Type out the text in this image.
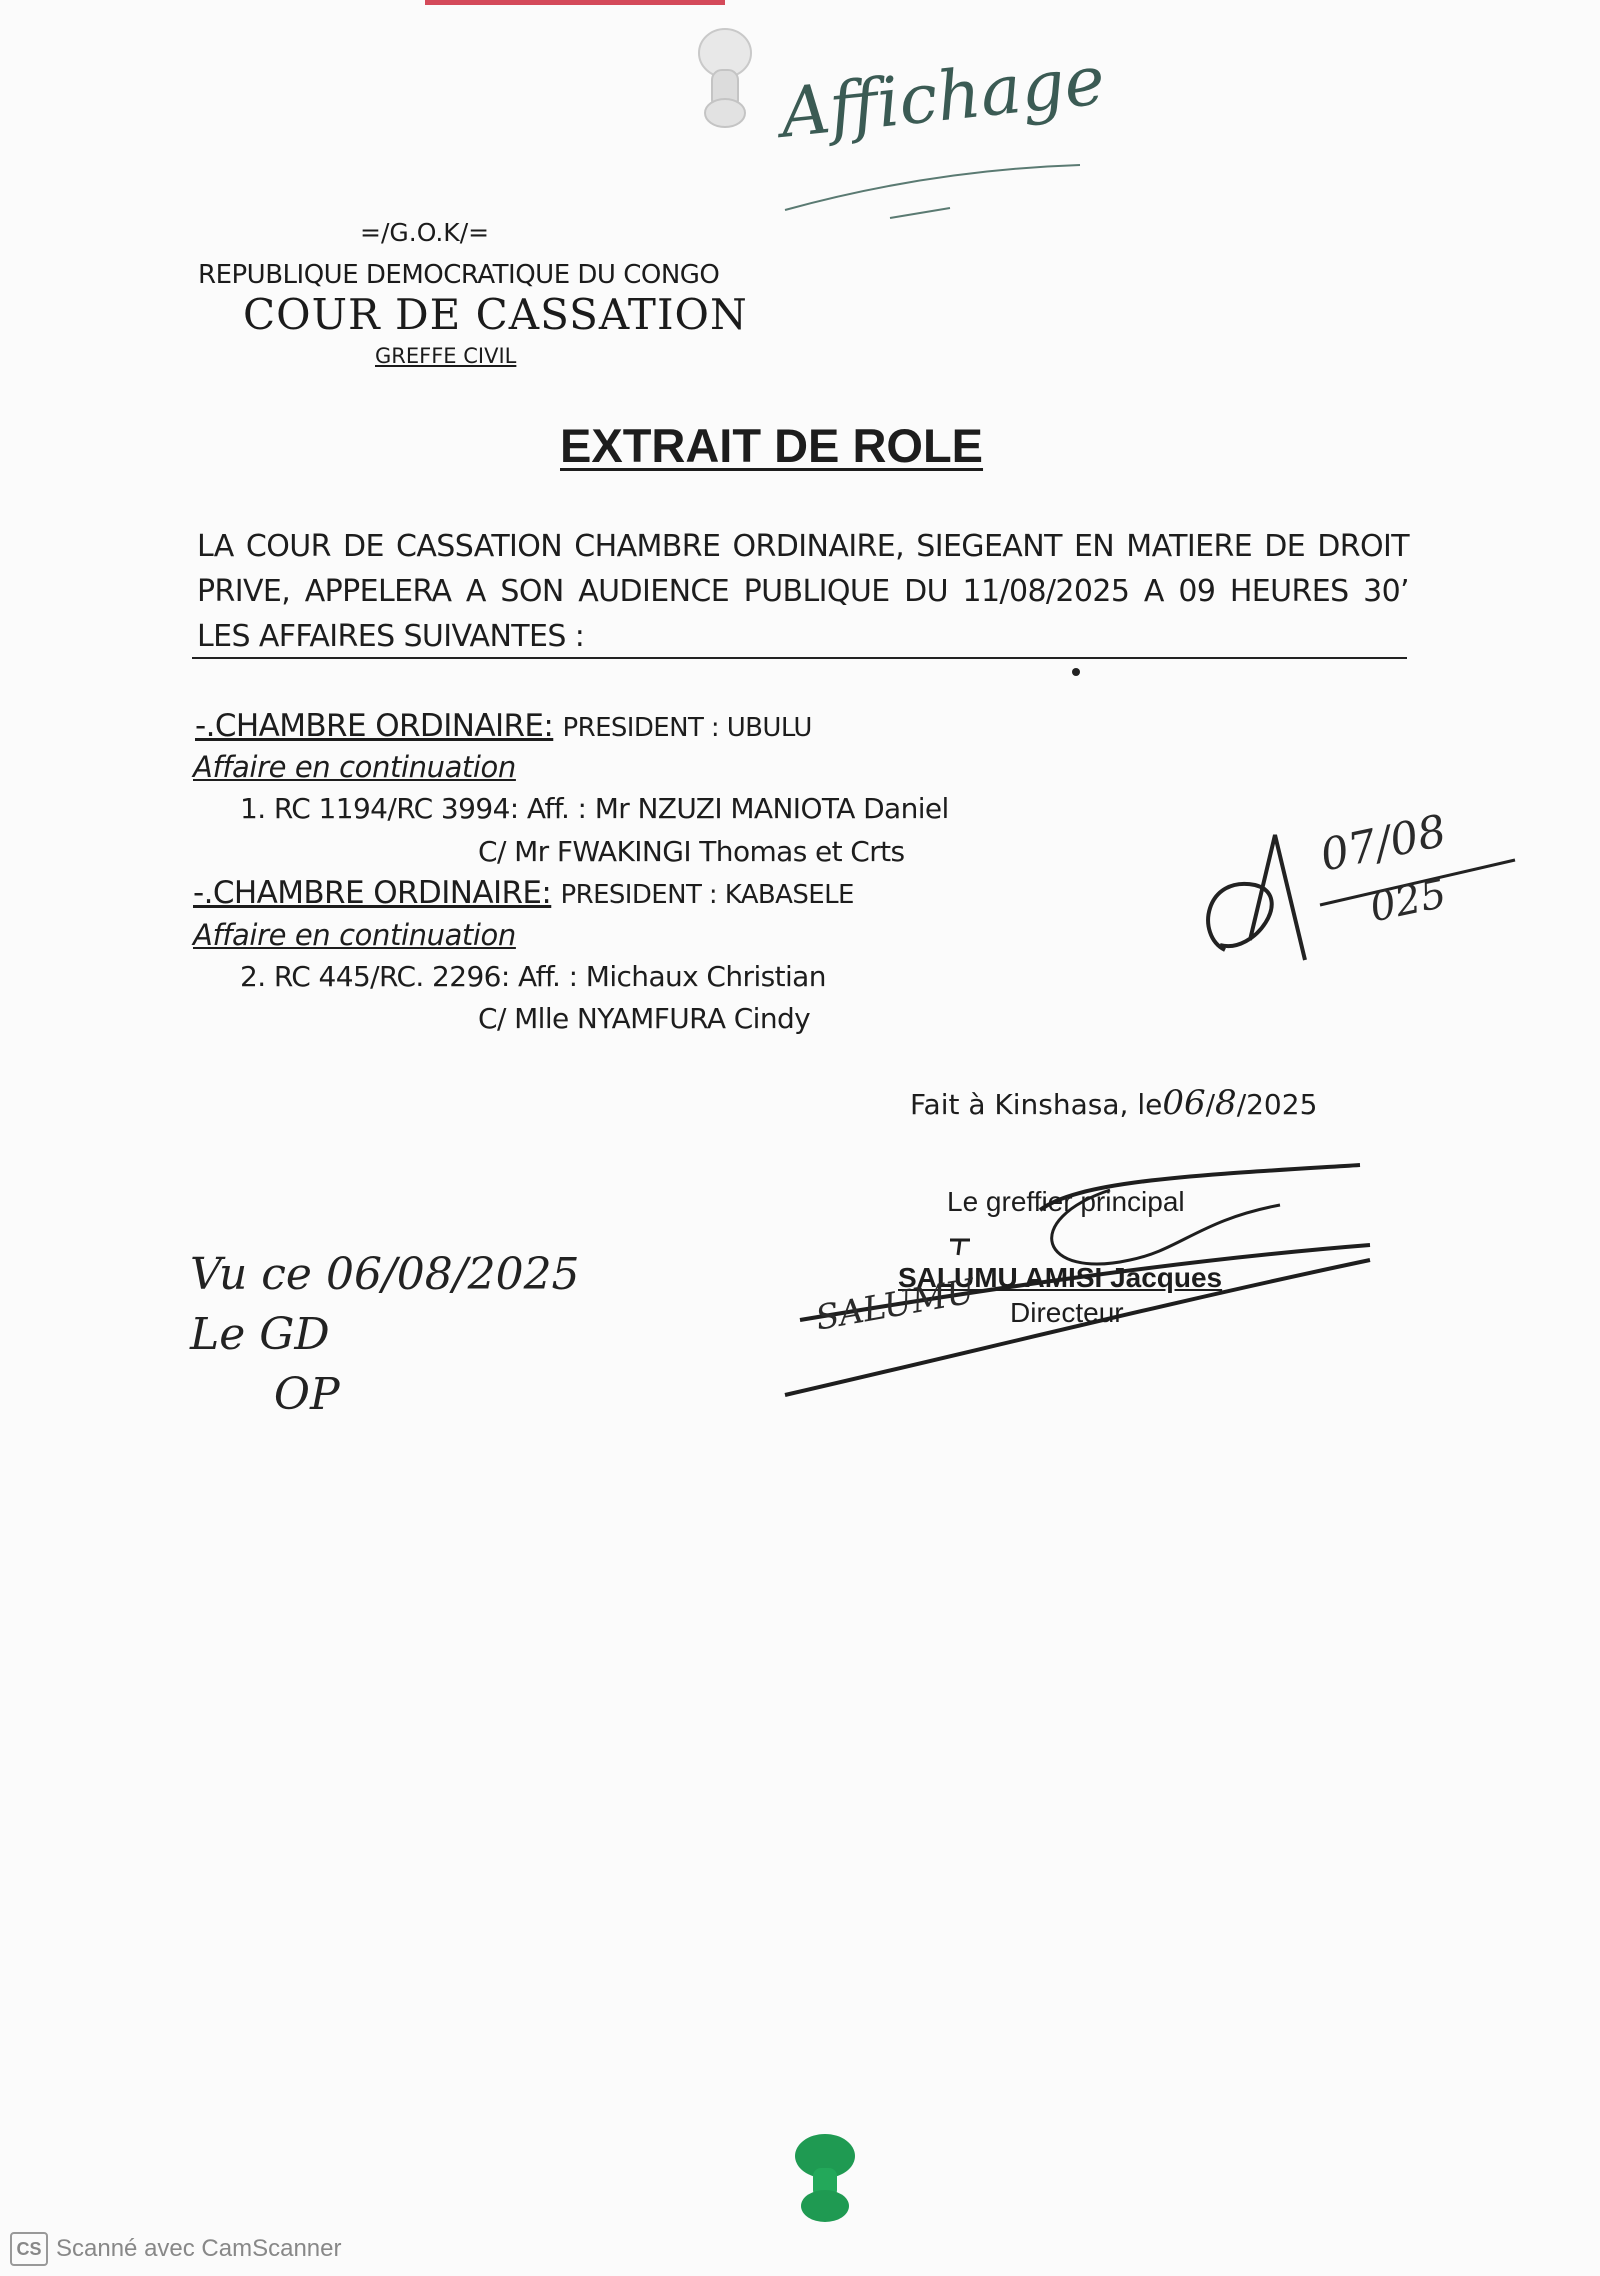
Affichage
=/G.O.K/=
REPUBLIQUE DEMOCRATIQUE DU CONGO
COUR DE CASSATION
GREFFE CIVIL
EXTRAIT DE ROLE
LA COUR DE CASSATION CHAMBRE ORDINAIRE, SIEGEANT EN MATIERE DE DROIT PRIVE, APPELERA A SON AUDIENCE PUBLIQUE DU 11/08/2025 A 09 HEURES 30’ LES AFFAIRES SUIVANTES :
-.CHAMBRE ORDINAIRE: PRESIDENT : UBULU
Affaire en continuation
1. RC 1194/RC 3994: Aff. : Mr NZUZI MANIOTA Daniel
C/ Mr FWAKINGI Thomas et Crts
-.CHAMBRE ORDINAIRE: PRESIDENT : KABASELE
Affaire en continuation
2. RC 445/RC. 2296: Aff. : Michaux Christian
C/ Mlle NYAMFURA Cindy
07/08
025
Fait à Kinshasa, le06/8/2025
Le greffier principal
SALUMU AMISI Jacques
Directeur
SALUMU
Vu ce 06/08/2025
Le GD
OP
CS Scanné avec CamScanner
